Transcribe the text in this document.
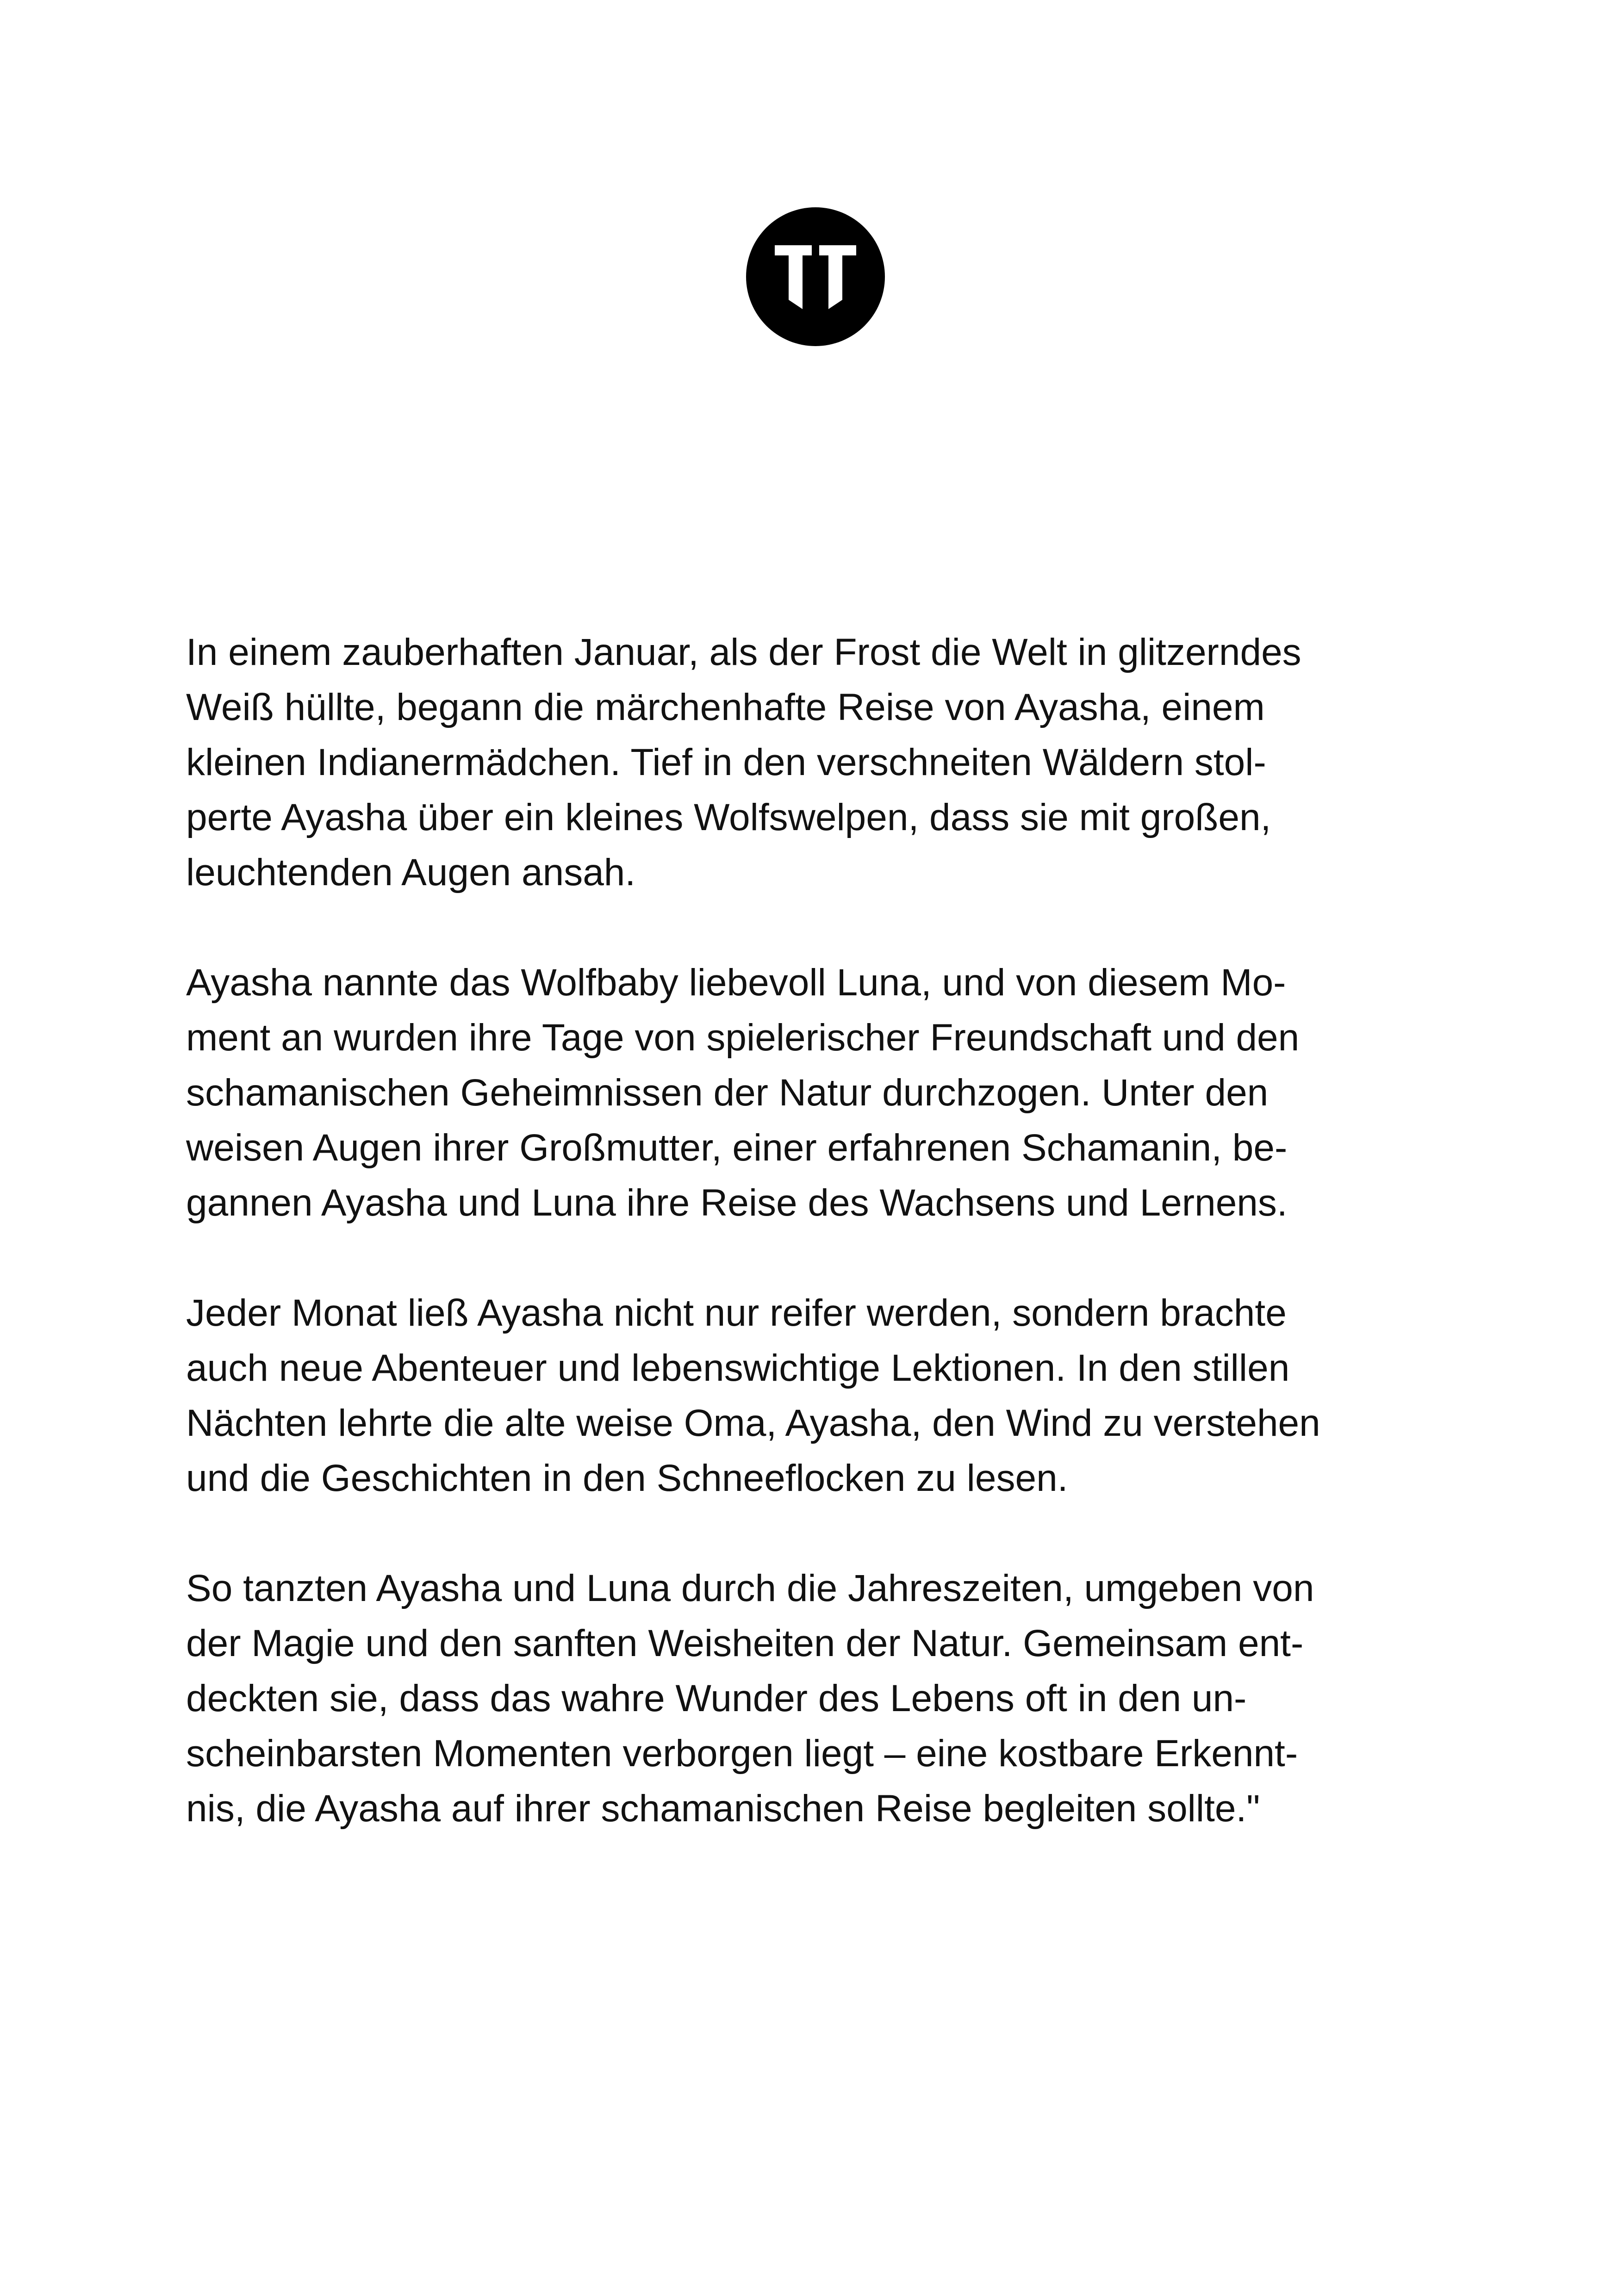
In einem zauberhaften Januar, als der Frost die Welt in glitzerndes
Weiß hüllte, begann die märchenhafte Reise von Ayasha, einem
kleinen Indianermädchen. Tief in den verschneiten Wäldern stol-
perte Ayasha über ein kleines Wolfswelpen, dass sie mit großen,
leuchtenden Augen ansah.

Ayasha nannte das Wolfbaby liebevoll Luna, und von diesem Mo-
ment an wurden ihre Tage von spielerischer Freundschaft und den
schamanischen Geheimnissen der Natur durchzogen. Unter den
weisen Augen ihrer Großmutter, einer erfahrenen Schamanin, be-
gannen Ayasha und Luna ihre Reise des Wachsens und Lernens.

Jeder Monat ließ Ayasha nicht nur reifer werden, sondern brachte
auch neue Abenteuer und lebenswichtige Lektionen. In den stillen
Nächten lehrte die alte weise Oma, Ayasha, den Wind zu verstehen
und die Geschichten in den Schneeflocken zu lesen.

So tanzten Ayasha und Luna durch die Jahreszeiten, umgeben von
der Magie und den sanften Weisheiten der Natur. Gemeinsam ent-
deckten sie, dass das wahre Wunder des Lebens oft in den un-
scheinbarsten Momenten verborgen liegt – eine kostbare Erkennt-
nis, die Ayasha auf ihrer schamanischen Reise begleiten sollte."
